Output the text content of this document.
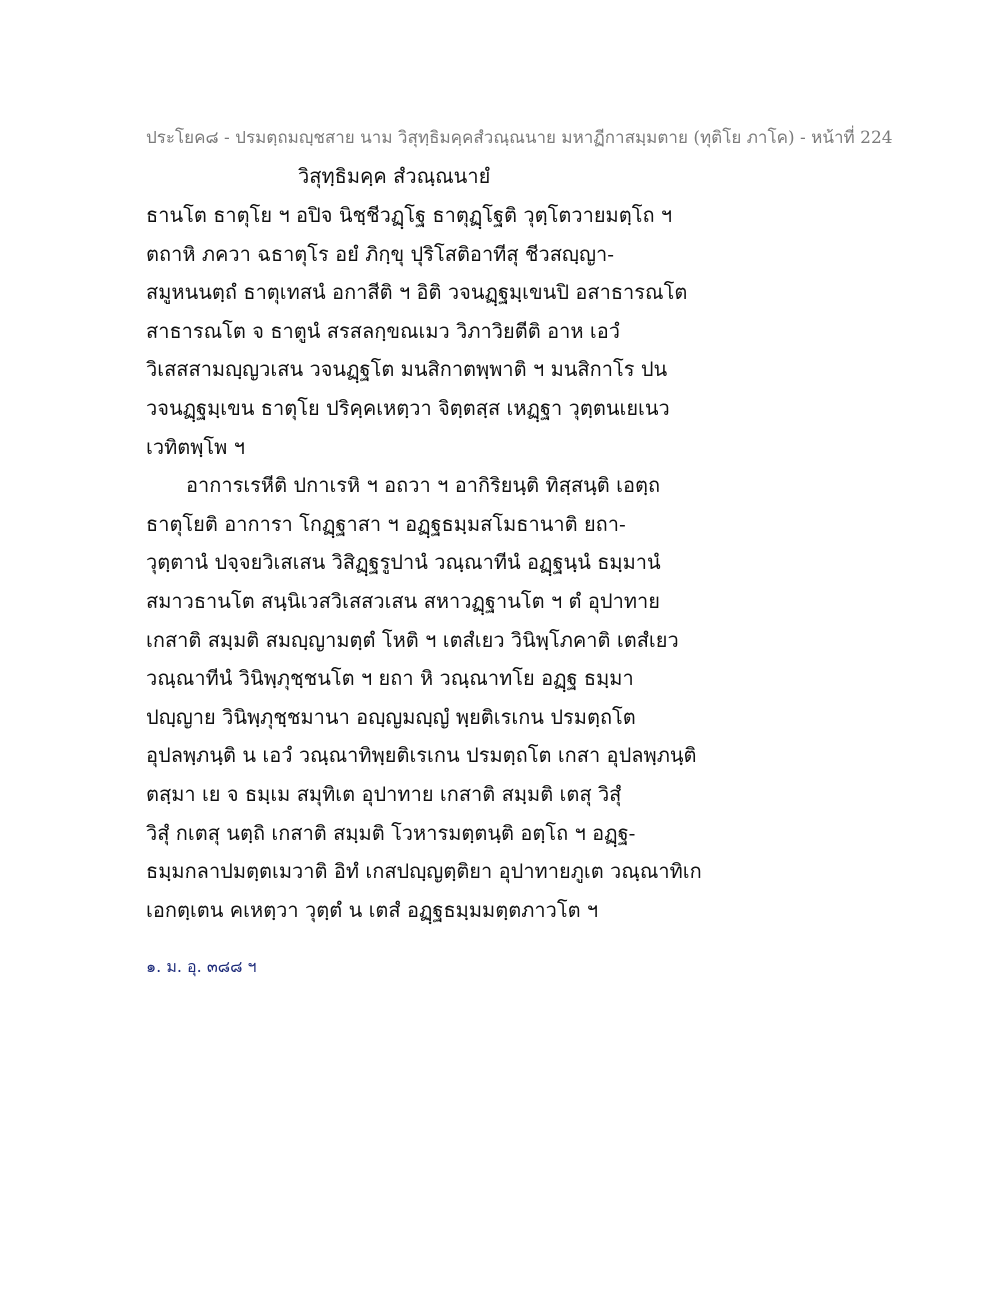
ประโยค๘ - ปรมตฺถมญฺชสาย นาม วิสุทฺธิมคฺคสํวณฺณนาย มหาฏีกาสมฺมตาย (ทุติโย ภาโค) - หน้าที่ 224
วิสุทฺธิมคฺค สํวณฺณนายํ
ธานโต ธาตุโย ฯ อปิจ นิชฺชีวฏฺโฐ ธาตุฏฺโฐติ วุตฺโตวายมตฺโถ ฯ
ตถาหิ ภควา ฉธาตุโร อยํ ภิกฺขุ ปุริโสติอาทีสุ ชีวสญฺญา-
สมูหนนตฺถํ ธาตุเทสนํ อกาสีติ ฯ อิติ วจนฏฺฐมฺเขนปิ อสาธารณโต
สาธารณโต จ ธาตูนํ สรสลกฺขณเมว วิภาวิยตีติ อาห เอวํ
วิเสสสามญฺญวเสน วจนฏฺฐโต มนสิกาตพฺพาติ ฯ มนสิกาโร ปน
วจนฏฺฐมฺเขน ธาตุโย ปริคฺคเหตฺวา จิตฺตสฺส เหฏฺฐา วุตฺตนเยเนว
เวทิตพฺโพ ฯ
อาการเรหีติ ปกาเรหิ ฯ อถวา ฯ อากิริยนฺติ ทิสฺสนฺติ เอตฺถ
ธาตุโยติ อาการา โกฏฺฐาสา ฯ อฏฺฐธมฺมสโมธานาติ ยถา-
วุตฺตานํ ปจฺจยวิเสเสน วิสิฏฺฐรูปานํ วณฺณาทีนํ อฏฺฐนฺนํ ธมฺมานํ
สมาวธานโต สนฺนิเวสวิเสสวเสน สหาวฏฺฐานโต ฯ ตํ อุปาทาย
เกสาติ สมฺมติ สมญฺญามตฺตํ โหติ ฯ เตสํเยว วินิพฺโภคาติ เตสํเยว
วณฺณาทีนํ วินิพฺภุชฺชนโต ฯ ยถา หิ วณฺณาทโย อฏฺฐ ธมฺมา
ปญฺญาย วินิพฺภุชฺชมานา อญฺญมญฺญํ พฺยติเรเกน ปรมตฺถโต
อุปลพฺภนฺติ น เอวํ วณฺณาทิพฺยติเรเกน ปรมตฺถโต เกสา อุปลพฺภนฺติ
ตสฺมา เย จ ธมฺเม สมุทิเต อุปาทาย เกสาติ สมฺมติ เตสุ วิสุํ
วิสุํ กเตสุ นตฺถิ เกสาติ สมฺมติ โวหารมตฺตนฺติ อตฺโถ ฯ อฏฺฐ-
ธมฺมกลาปมตฺตเมวาติ อิทํ เกสปญฺญตฺติยา อุปาทายภูเต วณฺณาทิเก
เอกตฺเตน คเหตฺวา วุตฺตํ น เตสํ อฏฺฐธมฺมมตฺตภาวโต ฯ
๑. ม. อุ. ๓๘๘ ฯ
